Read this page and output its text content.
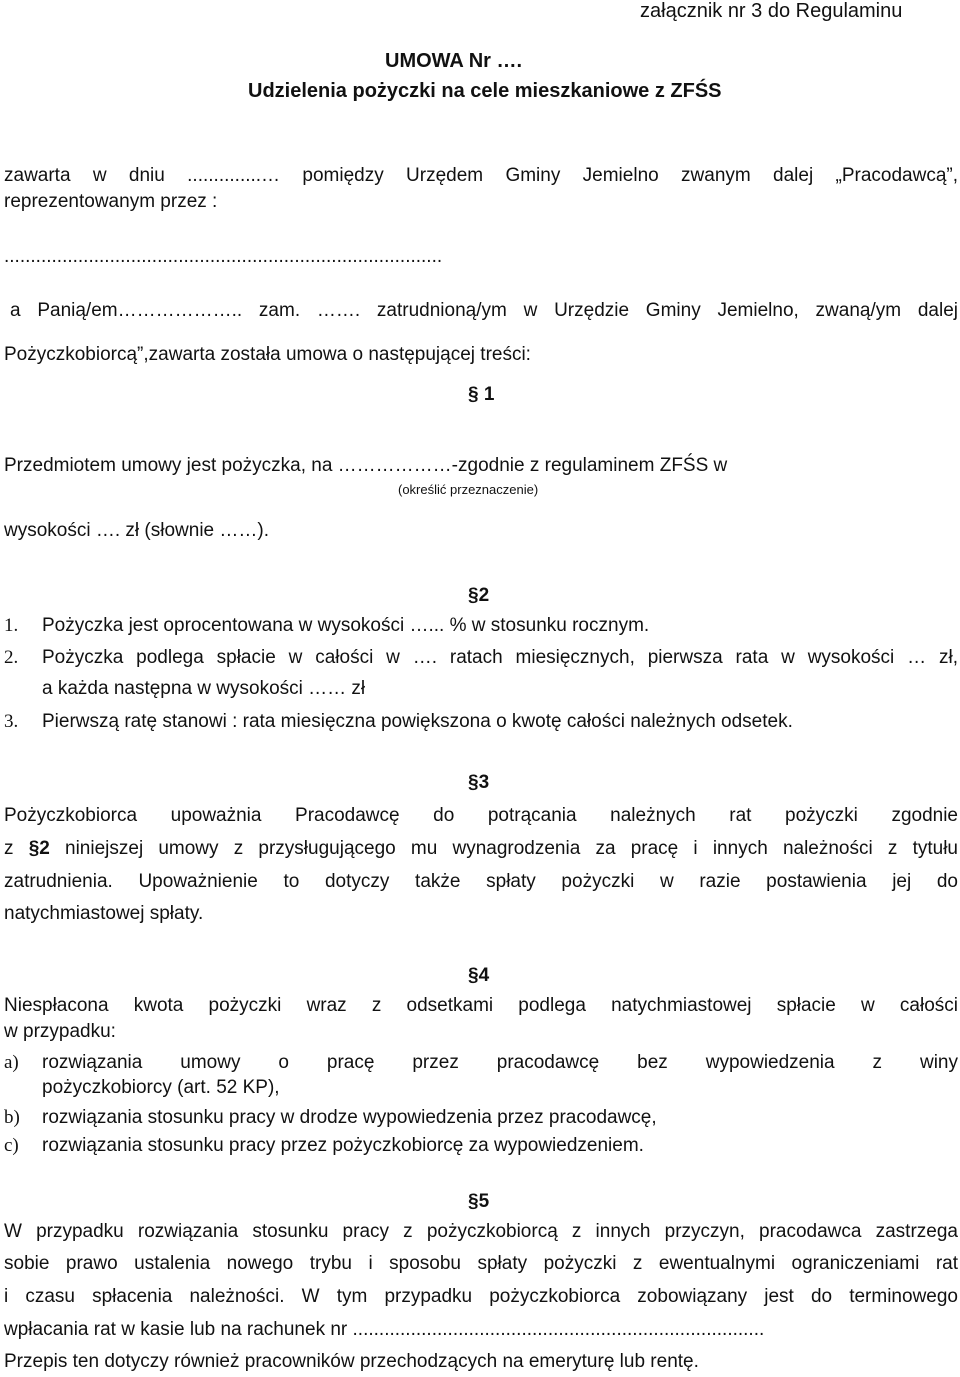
załącznik nr 3 do Regulaminu
UMOWA Nr ….
Udzielenia pożyczki na cele mieszkaniowe z ZFŚS
zawarta w dniu ..............… pomiędzy Urzędem Gminy Jemielno zwanym dalej „Pracodawcą”,
reprezentowanym przez :
...................................................................................
a Panią/em……………….. zam. ……. zatrudnioną/ym w Urzędzie Gminy Jemielno, zwaną/ym dalej
Pożyczkobiorcą”,zawarta została umowa o następującej treści:
§ 1
Przedmiotem umowy jest pożyczka, na ………………-zgodnie z regulaminem ZFŚS w
(określić przeznaczenie)
wysokości …. zł (słownie ……).
§2
1. Pożyczka jest oprocentowana w wysokości …... % w stosunku rocznym.
2. Pożyczka podlega spłacie w całości w …. ratach miesięcznych, pierwsza rata w wysokości … zł,
a każda następna w wysokości …… zł
3. Pierwszą ratę stanowi : rata miesięczna powiększona o kwotę całości należnych odsetek.
§3
Pożyczkobiorca upoważnia Pracodawcę do potrącania należnych rat pożyczki zgodnie
z §2 niniejszej umowy z przysługującego mu wynagrodzenia za pracę i innych należności z tytułu
zatrudnienia. Upoważnienie to dotyczy także spłaty pożyczki w razie postawienia jej do
natychmiastowej spłaty.
§4
Niespłacona kwota pożyczki wraz z odsetkami podlega natychmiastowej spłacie w całości
w przypadku:
a) rozwiązania umowy o pracę przez pracodawcę bez wypowiedzenia z winy
pożyczkobiorcy (art. 52 KP),
b) rozwiązania stosunku pracy w drodze wypowiedzenia przez pracodawcę,
c) rozwiązania stosunku pracy przez pożyczkobiorcę za wypowiedzeniem.
§5
W przypadku rozwiązania stosunku pracy z pożyczkobiorcą z innych przyczyn, pracodawca zastrzega
sobie prawo ustalenia nowego trybu i sposobu spłaty pożyczki z ewentualnymi ograniczeniami rat
i czasu spłacenia należności. W tym przypadku pożyczkobiorca zobowiązany jest do terminowego
wpłacania rat w kasie lub na rachunek nr ..............................................................................
Przepis ten dotyczy również pracowników przechodzących na emeryturę lub rentę.
